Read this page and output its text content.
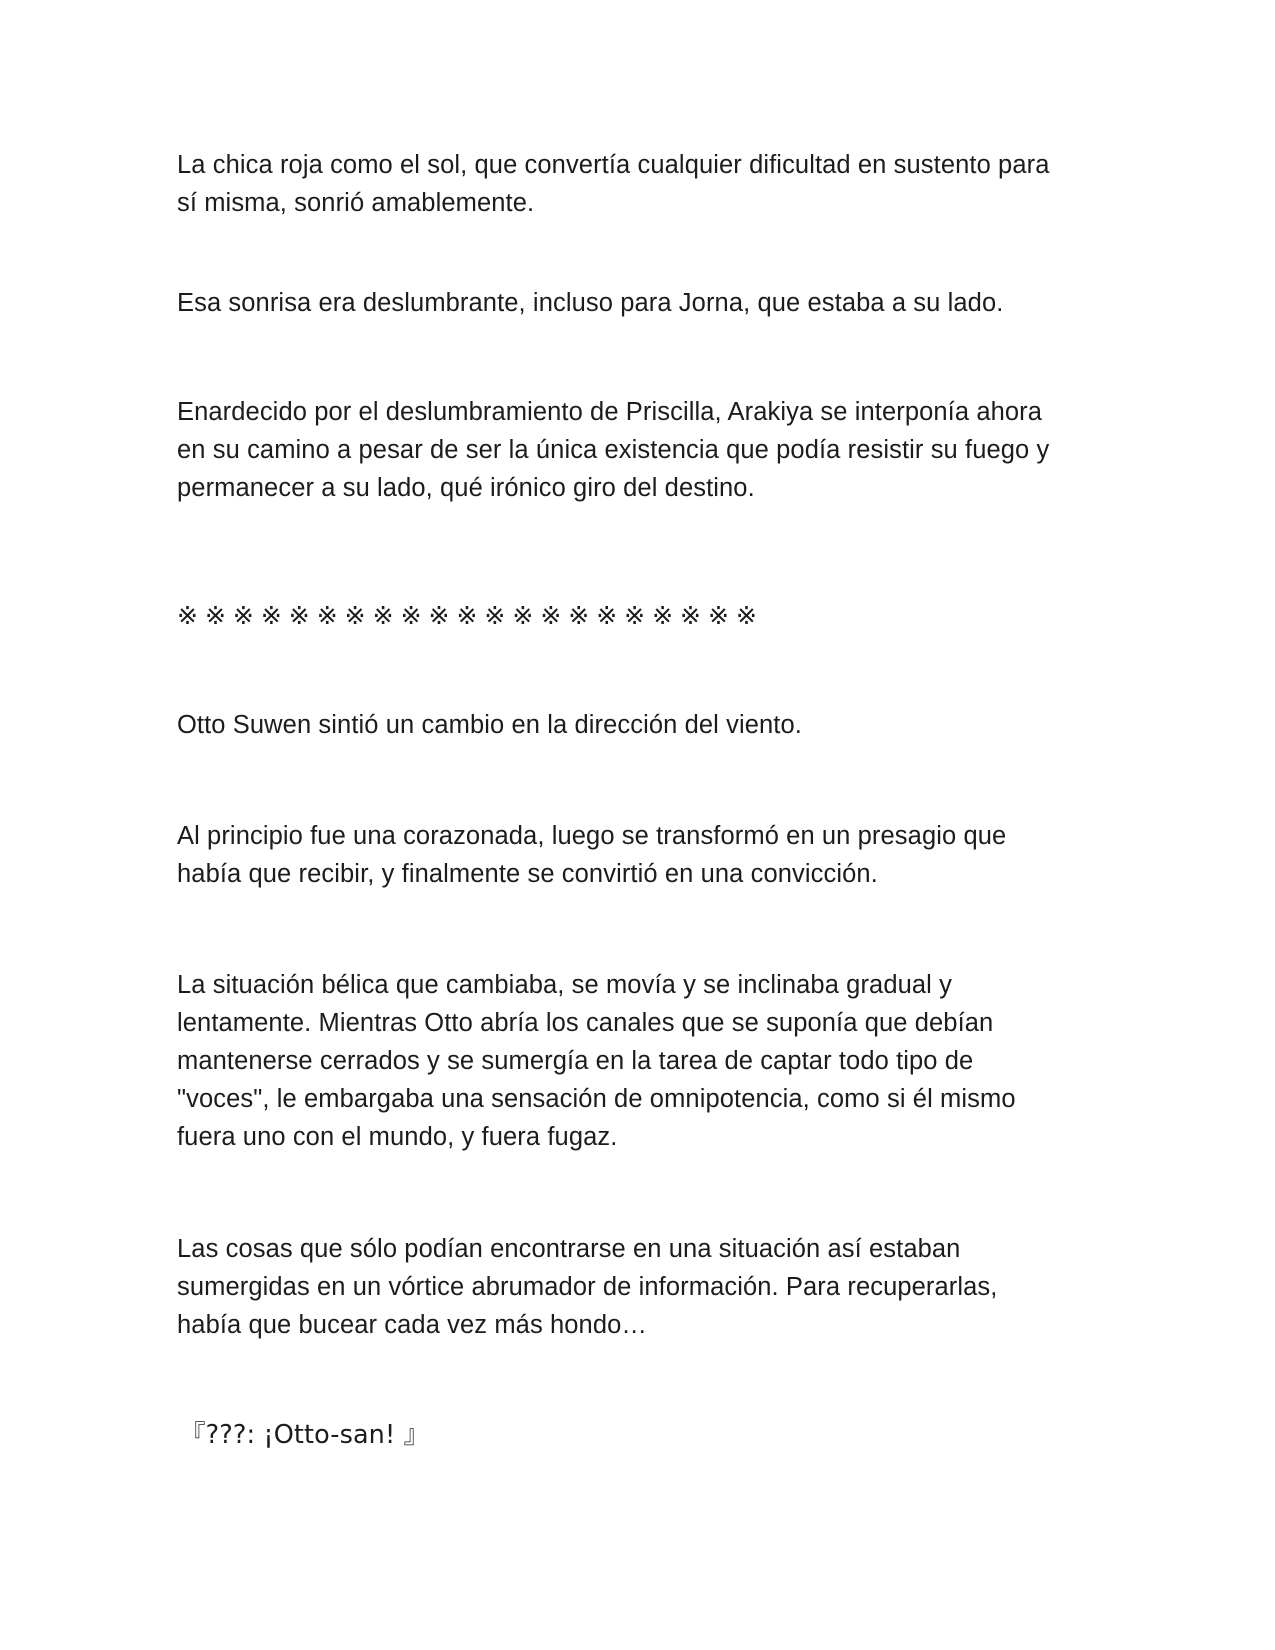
La chica roja como el sol, que convertía cualquier dificultad en sustento para
sí misma, sonrió amablemente.

Esa sonrisa era deslumbrante, incluso para Jorna, que estaba a su lado.

Enardecido por el deslumbramiento de Priscilla, Arakiya se interponía ahora
en su camino a pesar de ser la única existencia que podía resistir su fuego y
permanecer a su lado, qué irónico giro del destino.

※※※※※※※※※※※※※※※※※※※※※

Otto Suwen sintió un cambio en la dirección del viento.

Al principio fue una corazonada, luego se transformó en un presagio que
había que recibir, y finalmente se convirtió en una convicción.

La situación bélica que cambiaba, se movía y se inclinaba gradual y
lentamente. Mientras Otto abría los canales que se suponía que debían
mantenerse cerrados y se sumergía en la tarea de captar todo tipo de
"voces", le embargaba una sensación de omnipotencia, como si él mismo
fuera uno con el mundo, y fuera fugaz.

Las cosas que sólo podían encontrarse en una situación así estaban
sumergidas en un vórtice abrumador de información. Para recuperarlas,
había que bucear cada vez más hondo…

『???: ¡Otto-san! 』
